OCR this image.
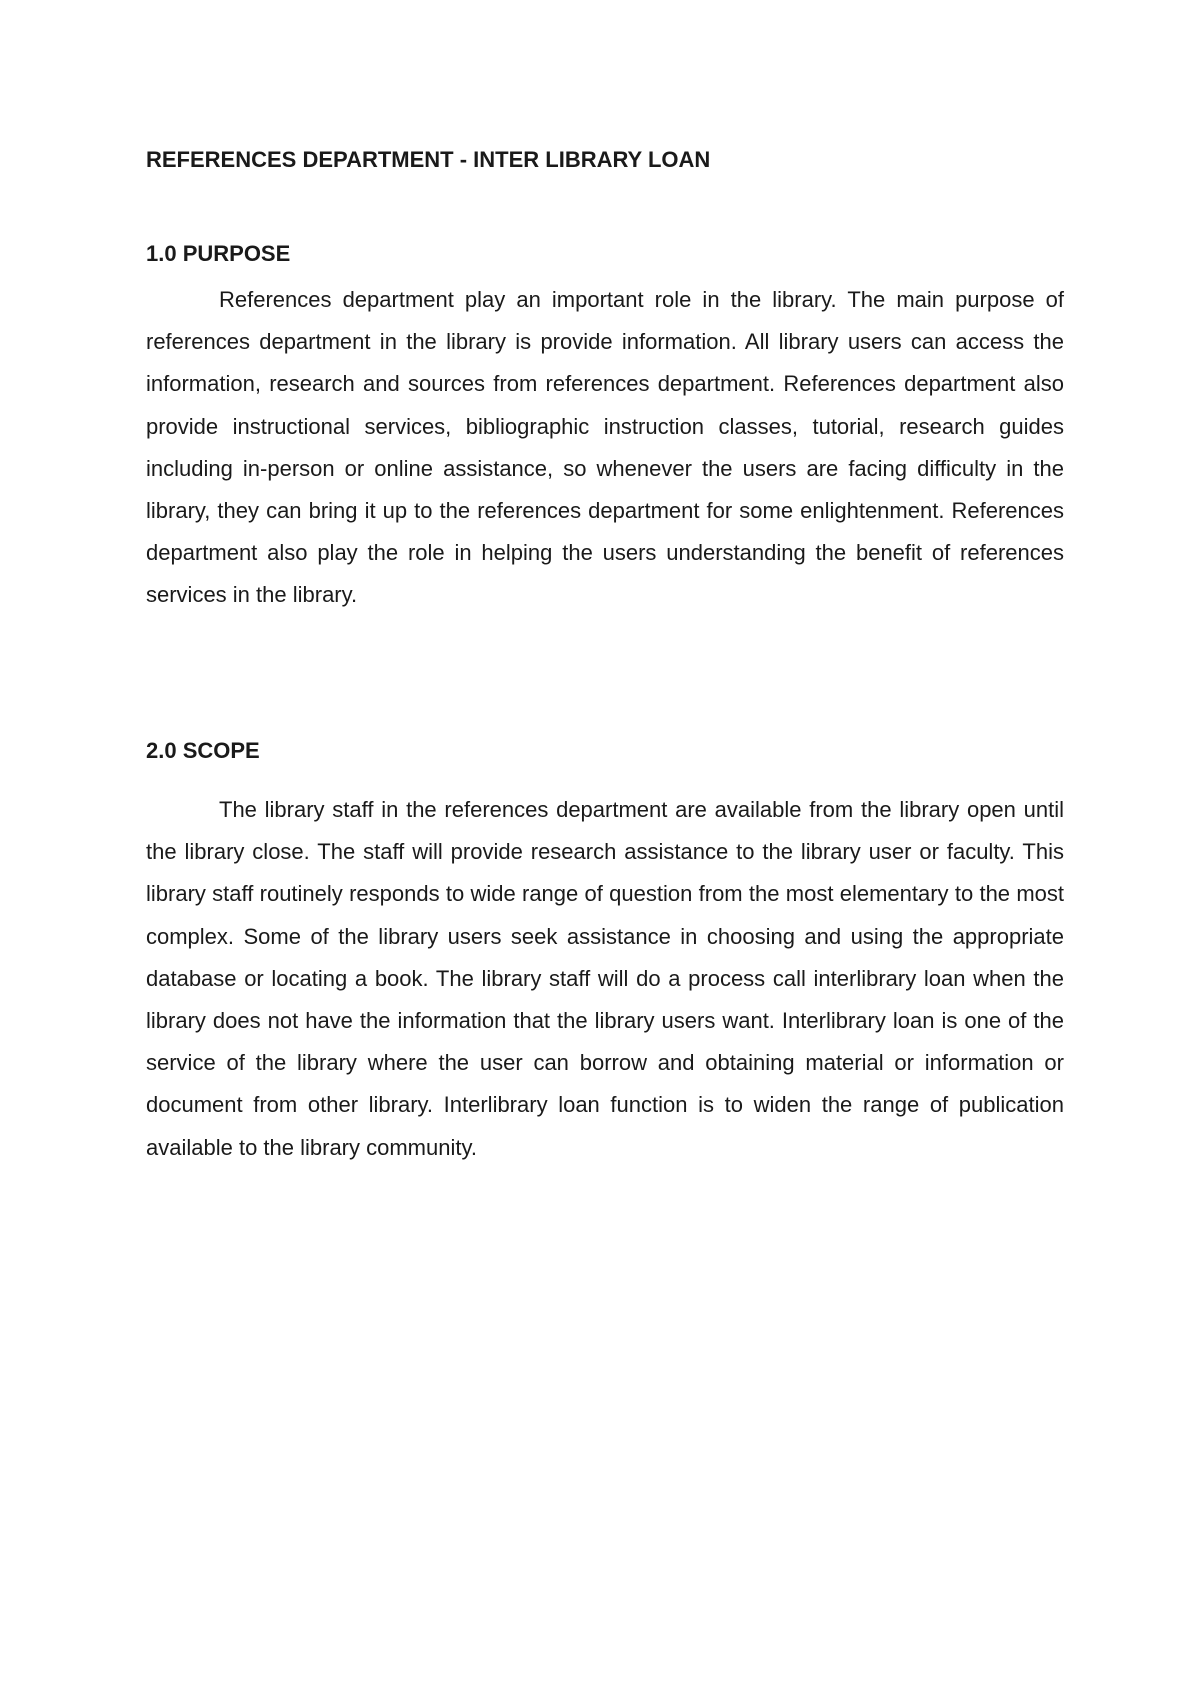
REFERENCES DEPARTMENT - INTER LIBRARY LOAN
1.0 PURPOSE

References department play an important role in the library. The main purpose of references department in the library is provide information. All library users can access the information, research and sources from references department. References department also provide instructional services, bibliographic instruction classes, tutorial, research guides including in-person or online assistance, so whenever the users are facing difficulty in the library, they can bring it up to the references department for some enlightenment. References department also play the role in helping the users understanding the benefit of references services in the library.

2.0 SCOPE

The library staff in the references department are available from the library open until the library close. The staff will provide research assistance to the library user or faculty. This library staff routinely responds to wide range of question from the most elementary to the most complex. Some of the library users seek assistance in choosing and using the appropriate database or locating a book. The library staff will do a process call interlibrary loan when the library does not have the information that the library users want. Interlibrary loan is one of the service of the library where the user can borrow and obtaining material or information or document from other library. Interlibrary loan function is to widen the range of publication available to the library community.
